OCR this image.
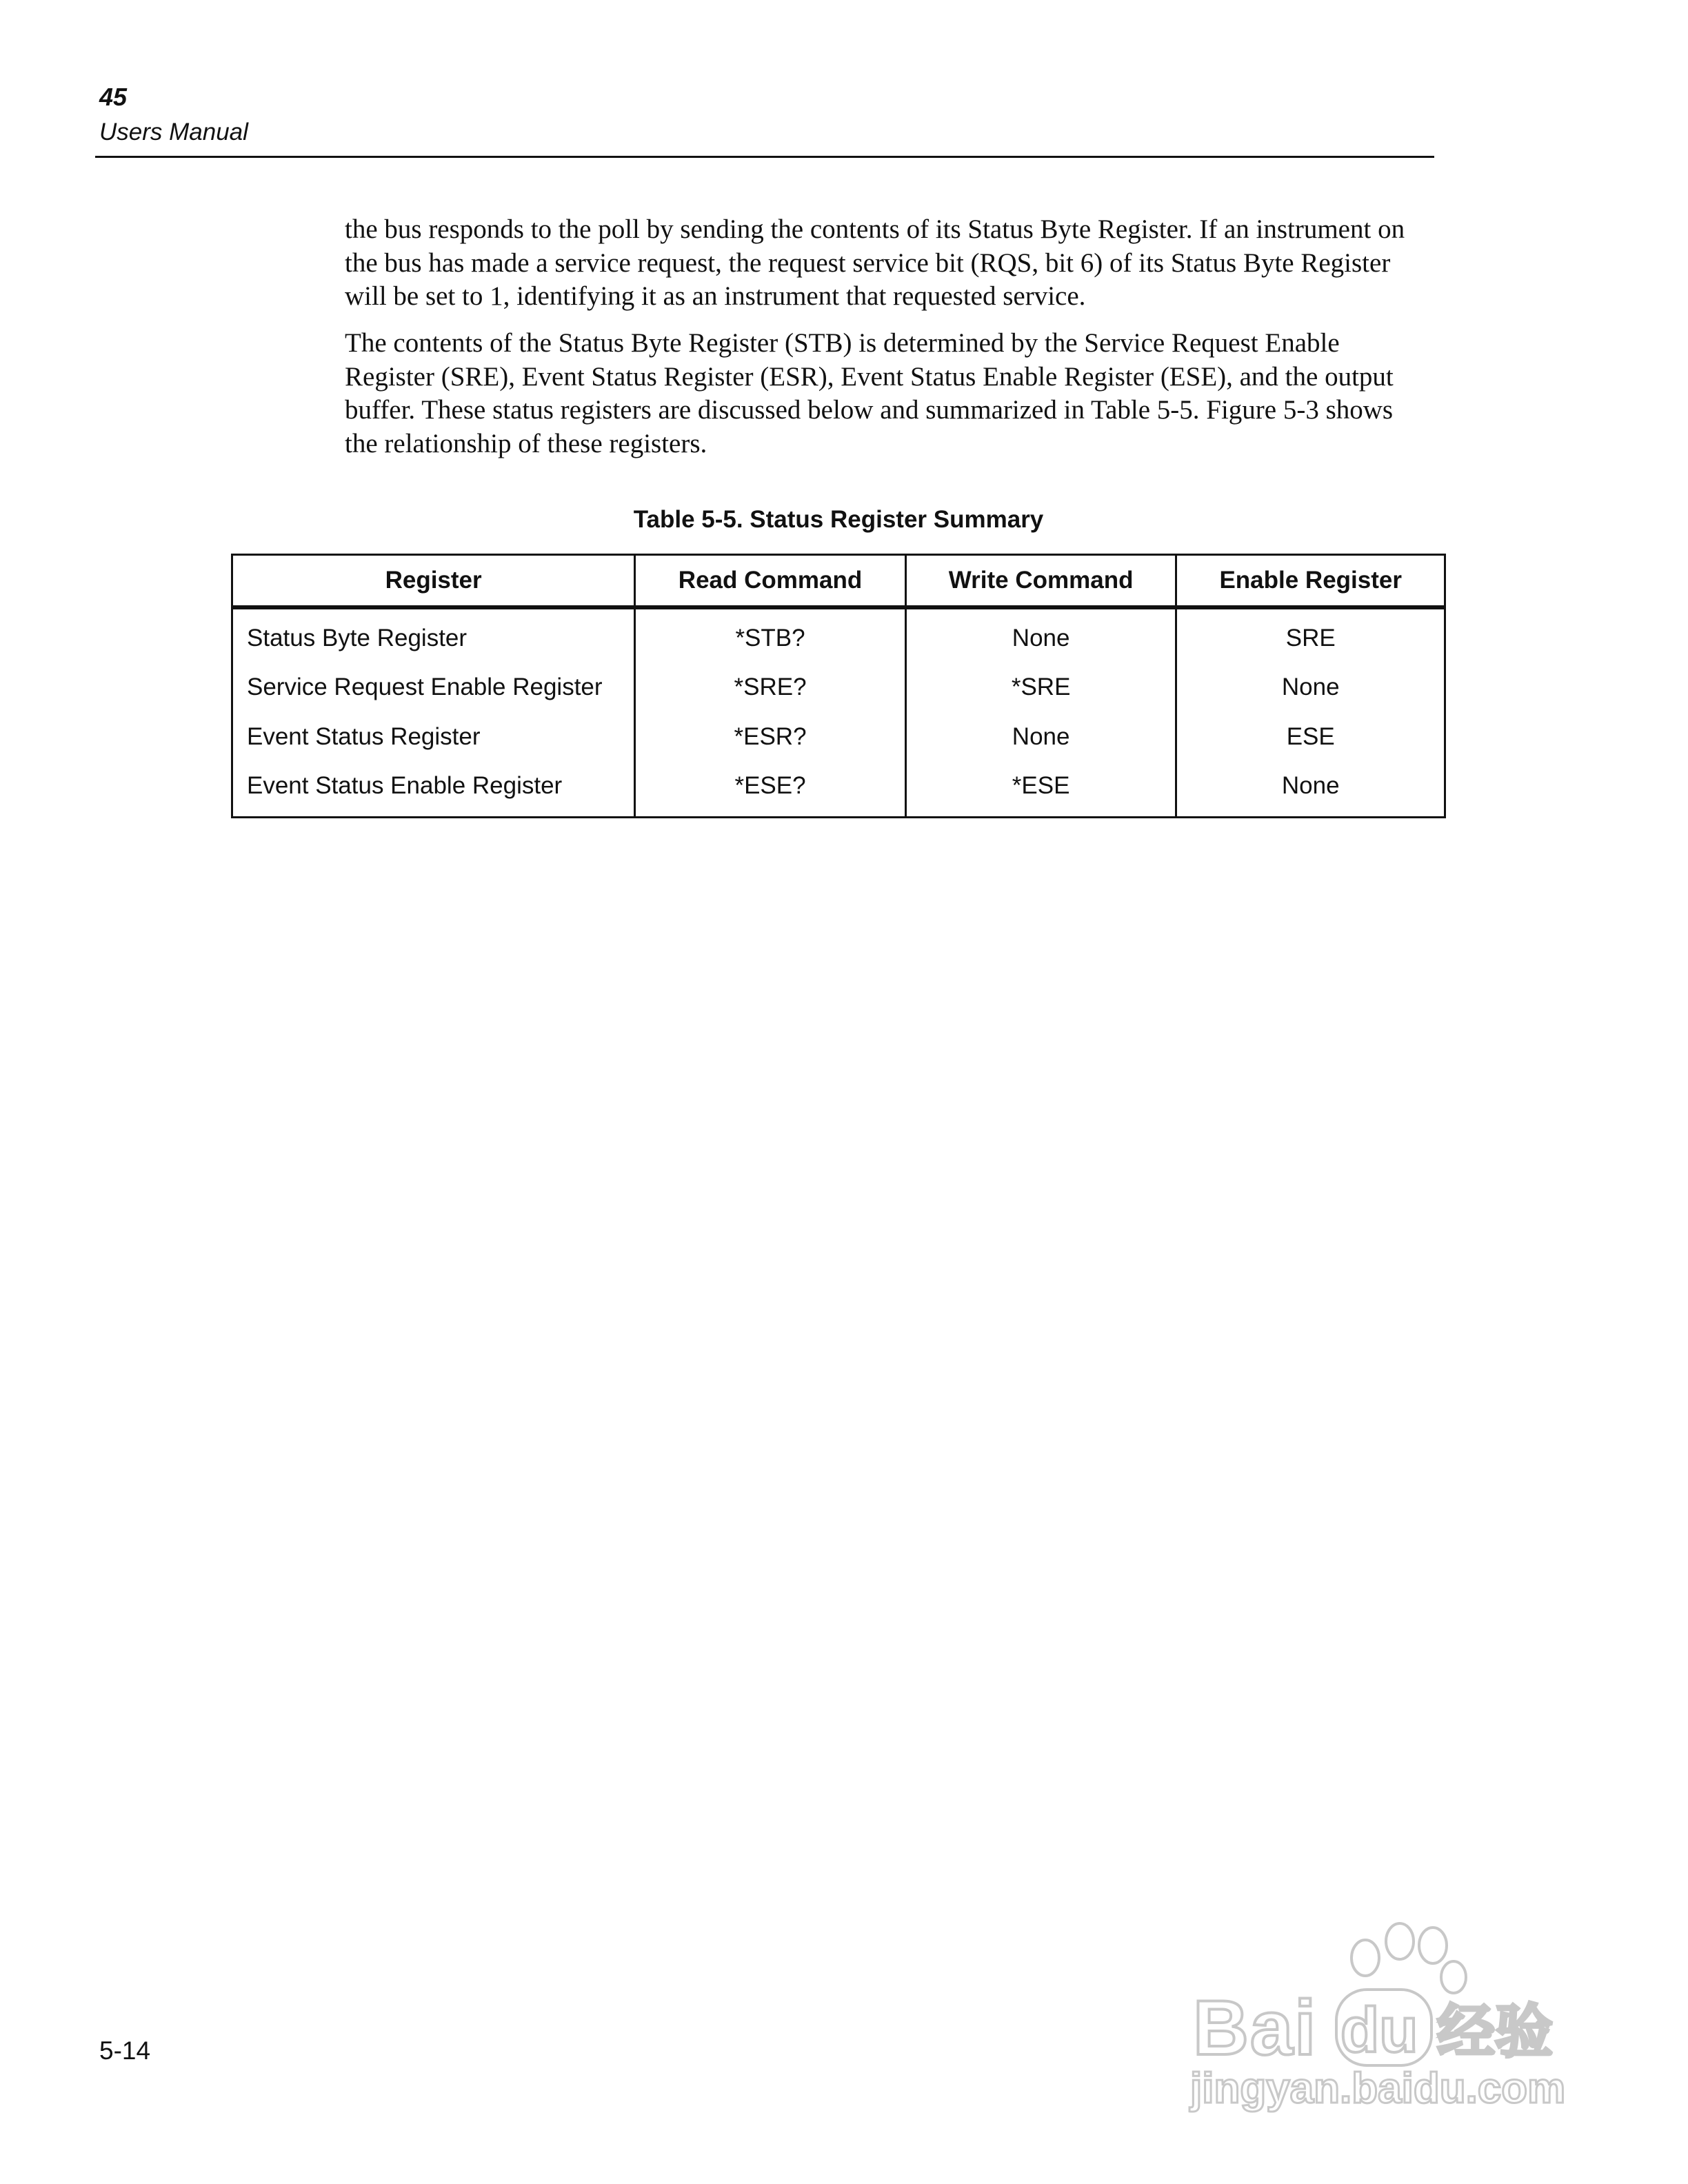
45
Users Manual

the bus responds to the poll by sending the contents of its Status Byte Register. If an instrument on the bus has made a service request, the request service bit (RQS, bit 6) of its Status Byte Register will be set to 1, identifying it as an instrument that requested service.

The contents of the Status Byte Register (STB) is determined by the Service Request Enable Register (SRE), Event Status Register (ESR), Event Status Enable Register (ESE), and the output buffer. These status registers are discussed below and summarized in Table 5-5. Figure 5-3 shows the relationship of these registers.

Table 5-5. Status Register Summary

Register	Read Command	Write Command	Enable Register
Status Byte Register	*STB?	None	SRE
Service Request Enable Register	*SRE?	*SRE	None
Event Status Register	*ESR?	None	ESE
Event Status Enable Register	*ESE?	*ESE	None
5-14	Bai du 经验
jingyan.baidu.com
